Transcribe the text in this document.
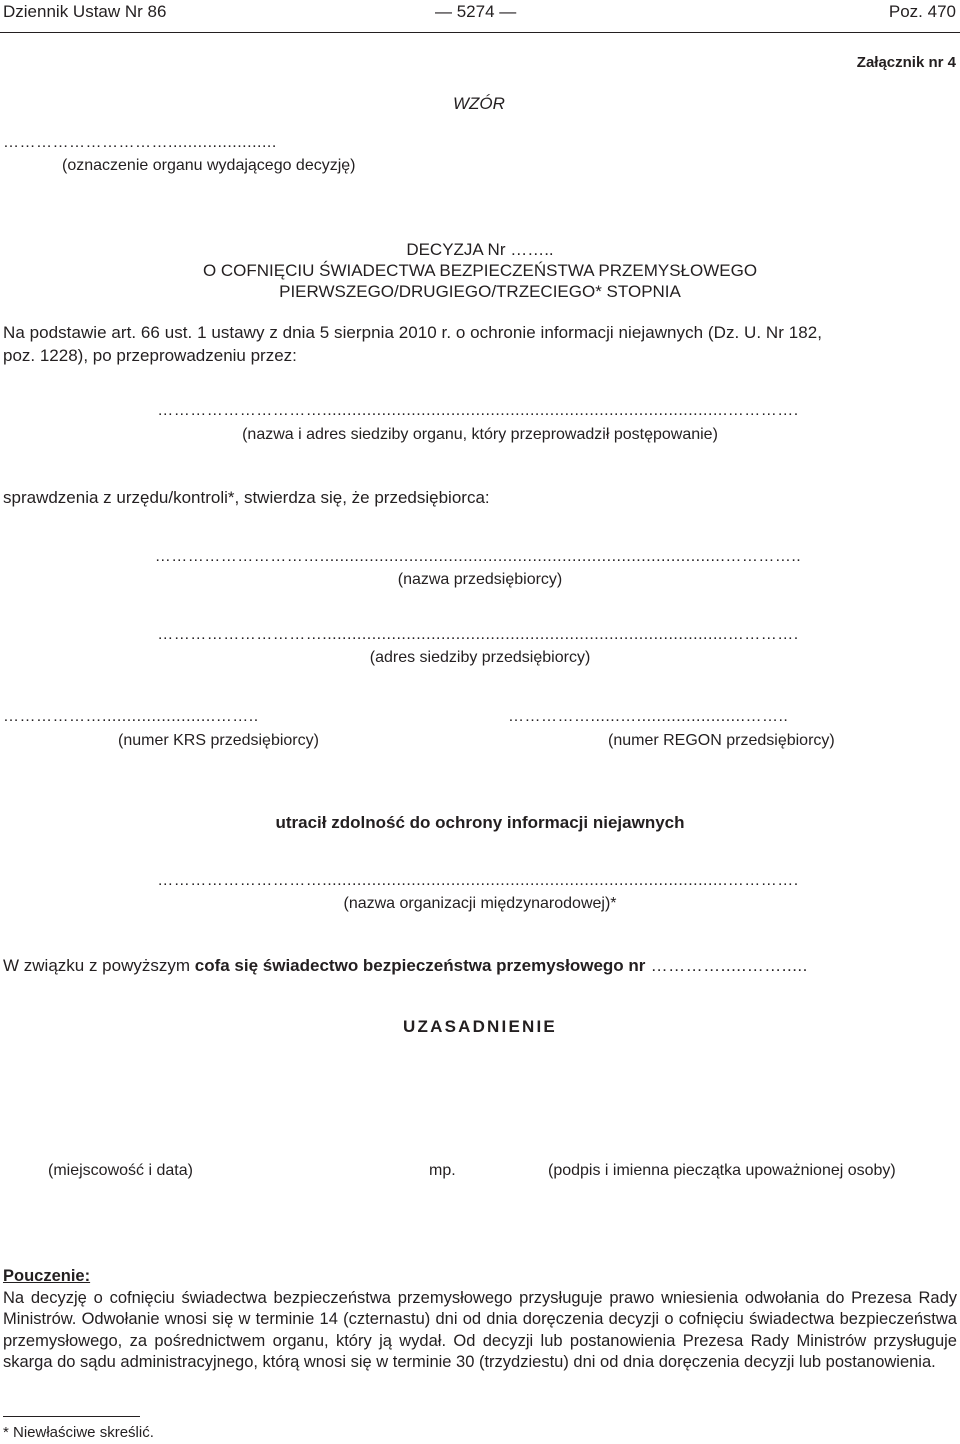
Dziennik Ustaw Nr 86	— 5274 —	Poz. 470
Załącznik nr 4
WZÓR
…………………………......................
(oznaczenie organu wydającego decyzję)
DECYZJA Nr ……..
O COFNIĘCIU ŚWIADECTWA BEZPIECZEŃSTWA PRZEMYSŁOWEGO
PIERWSZEGO/DRUGIEGO/TRZECIEGO* STOPNIA
Na podstawie art. 66 ust. 1 ustawy z dnia 5 sierpnia 2010 r. o ochronie informacji niejawnych (Dz. U. Nr 182,
poz. 1228), po przeprowadzeniu przez:
…………………………..................................................................................………….
(nazwa i adres siedziby organu, który przeprowadził postępowanie)
sprawdzenia z urzędu/kontroli*, stwierdza się, że przedsiębiorca:
…………………………..................................................................................…………..
(nazwa przedsiębiorcy)
…………………………..................................................................................………….
(adres siedziby przedsiębiorcy)
……………….......................……..
(numer KRS przedsiębiorcy)
……………......…......................……..
(numer REGON przedsiębiorcy)
utracił zdolność do ochrony informacji niejawnych
…………………………..................................................................................………….
(nazwa organizacji międzynarodowej)*
W związku z powyższym cofa się świadectwo bezpieczeństwa przemysłowego nr ………….....…….....
UZASADNIENIE
(miejscowość i data)	mp.	(podpis i imienna pieczątka upoważnionej osoby)
Pouczenie:

Na decyzję o cofnięciu świadectwa bezpieczeństwa przemysłowego przysługuje prawo wniesienia odwołania do Prezesa Rady Ministrów. Odwołanie wnosi się w terminie 14 (czternastu) dni od dnia doręczenia decyzji o cofnięciu świadectwa bezpieczeństwa przemysłowego, za pośrednictwem organu, który ją wydał. Od decyzji lub postanowienia Prezesa Rady Ministrów przysługuje skarga do sądu administracyjnego, którą wnosi się w terminie 30 (trzydziestu) dni od dnia doręczenia decyzji lub postanowienia.

* Niewłaściwe skreślić.
